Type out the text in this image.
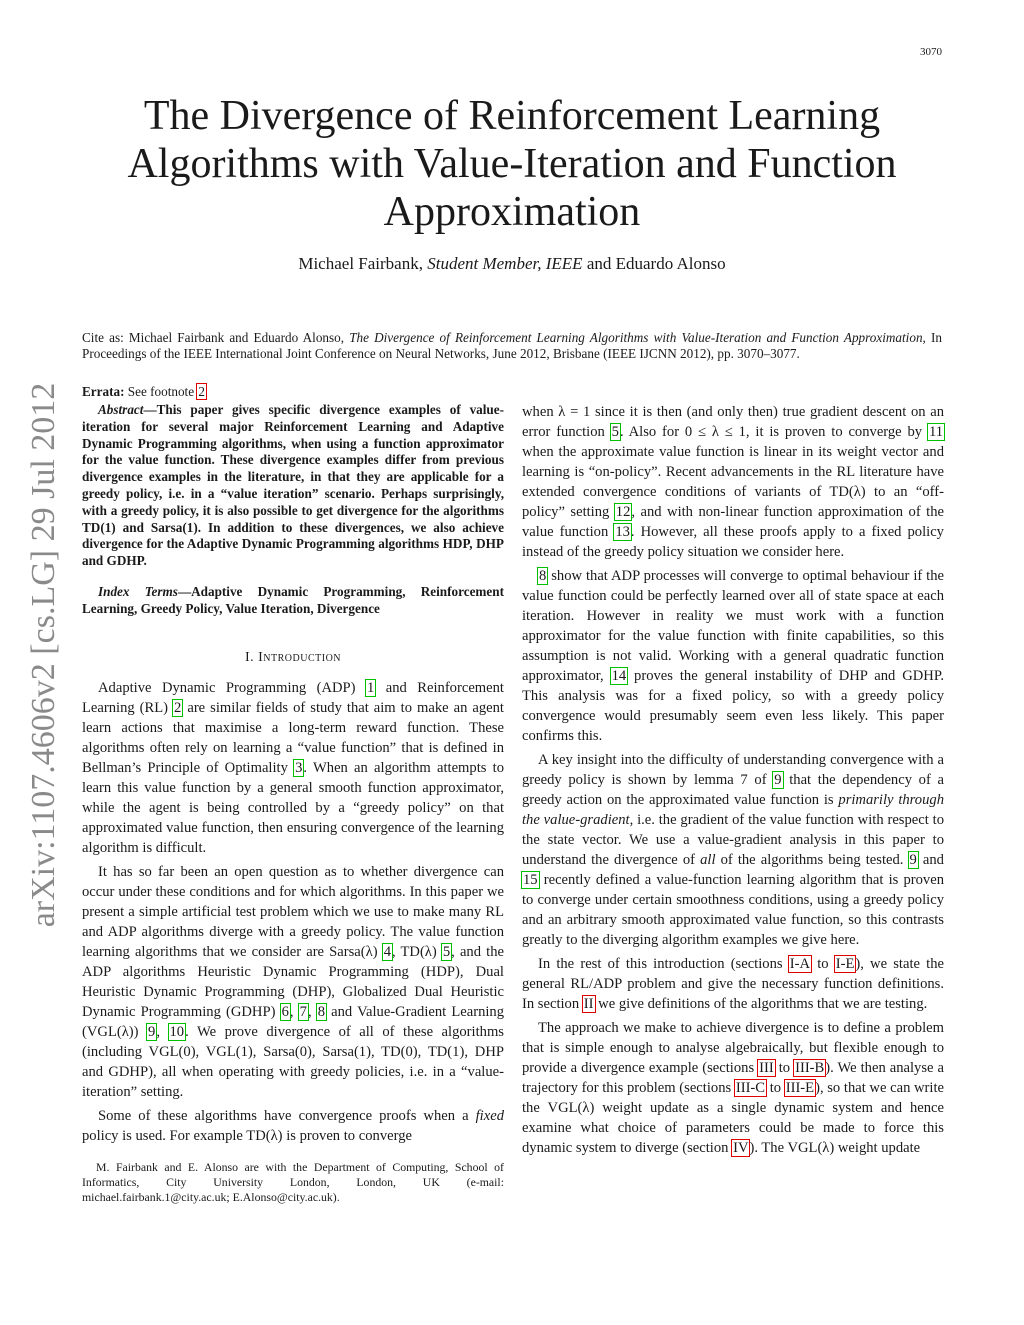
3070
arXiv:1107.4606v2 [cs.LG] 29 Jul 2012
The Divergence of Reinforcement Learning
Algorithms with Value-Iteration and Function
Approximation
Michael Fairbank, Student Member, IEEE and Eduardo Alonso
Cite as: Michael Fairbank and Eduardo Alonso, The Divergence of Reinforcement Learning Algorithms with Value-Iteration and Function Approximation, In Proceedings of the IEEE International Joint Conference on Neural Networks, June 2012, Brisbane (IEEE IJCNN 2012), pp. 3070–3077.
Errata: See footnote 2

Abstract—This paper gives specific divergence examples of value-iteration for several major Reinforcement Learning and Adaptive Dynamic Programming algorithms, when using a function approximator for the value function. These divergence examples differ from previous divergence examples in the literature, in that they are applicable for a greedy policy, i.e. in a “value iteration” scenario. Perhaps surprisingly, with a greedy policy, it is also possible to get divergence for the algorithms TD(1) and Sarsa(1). In addition to these divergences, we also achieve divergence for the Adaptive Dynamic Programming algorithms HDP, DHP and GDHP.

Index Terms—Adaptive Dynamic Programming, Reinforcement Learning, Greedy Policy, Value Iteration, Divergence

I. Introduction

Adaptive Dynamic Programming (ADP) 1 and Reinforcement Learning (RL) 2 are similar fields of study that aim to make an agent learn actions that maximise a long-term reward function. These algorithms often rely on learning a “value function” that is defined in Bellman’s Principle of Optimality 3. When an algorithm attempts to learn this value function by a general smooth function approximator, while the agent is being controlled by a “greedy policy” on that approximated value function, then ensuring convergence of the learning algorithm is difficult.

It has so far been an open question as to whether divergence can occur under these conditions and for which algorithms. In this paper we present a simple artificial test problem which we use to make many RL and ADP algorithms diverge with a greedy policy. The value function learning algorithms that we consider are Sarsa(λ) 4, TD(λ) 5, and the ADP algorithms Heuristic Dynamic Programming (HDP), Dual Heuristic Dynamic Programming (DHP), Globalized Dual Heuristic Dynamic Programming (GDHP) 6, 7, 8 and Value-Gradient Learning (VGL(λ)) 9, 10. We prove divergence of all of these algorithms (including VGL(0), VGL(1), Sarsa(0), Sarsa(1), TD(0), TD(1), DHP and GDHP), all when operating with greedy policies, i.e. in a “value-iteration” setting.

Some of these algorithms have convergence proofs when a fixed policy is used. For example TD(λ) is proven to converge

M. Fairbank and E. Alonso are with the Department of Computing, School of Informatics, City University London, London, UK (e-mail: michael.fairbank.1@city.ac.uk; E.Alonso@city.ac.uk).

when λ = 1 since it is then (and only then) true gradient descent on an error function 5. Also for 0 ≤ λ ≤ 1, it is proven to converge by 11 when the approximate value function is linear in its weight vector and learning is “on-policy”. Recent advancements in the RL literature have extended convergence conditions of variants of TD(λ) to an “off-policy” setting 12, and with non-linear function approximation of the value function 13. However, all these proofs apply to a fixed policy instead of the greedy policy situation we consider here.

8 show that ADP processes will converge to optimal behaviour if the value function could be perfectly learned over all of state space at each iteration. However in reality we must work with a function approximator for the value function with finite capabilities, so this assumption is not valid. Working with a general quadratic function approximator, 14 proves the general instability of DHP and GDHP. This analysis was for a fixed policy, so with a greedy policy convergence would presumably seem even less likely. This paper confirms this.

A key insight into the difficulty of understanding convergence with a greedy policy is shown by lemma 7 of 9 that the dependency of a greedy action on the approximated value function is primarily through the value-gradient, i.e. the gradient of the value function with respect to the state vector. We use a value-gradient analysis in this paper to understand the divergence of all of the algorithms being tested. 9 and 15 recently defined a value-function learning algorithm that is proven to converge under certain smoothness conditions, using a greedy policy and an arbitrary smooth approximated value function, so this contrasts greatly to the diverging algorithm examples we give here.

In the rest of this introduction (sections I-A to I-E), we state the general RL/ADP problem and give the necessary function definitions. In section II we give definitions of the algorithms that we are testing.

The approach we make to achieve divergence is to define a problem that is simple enough to analyse algebraically, but flexible enough to provide a divergence example (sections III to III-B). We then analyse a trajectory for this problem (sections III-C to III-E), so that we can write the VGL(λ) weight update as a single dynamic system and hence examine what choice of parameters could be made to force this dynamic system to diverge (section IV). The VGL(λ) weight update
